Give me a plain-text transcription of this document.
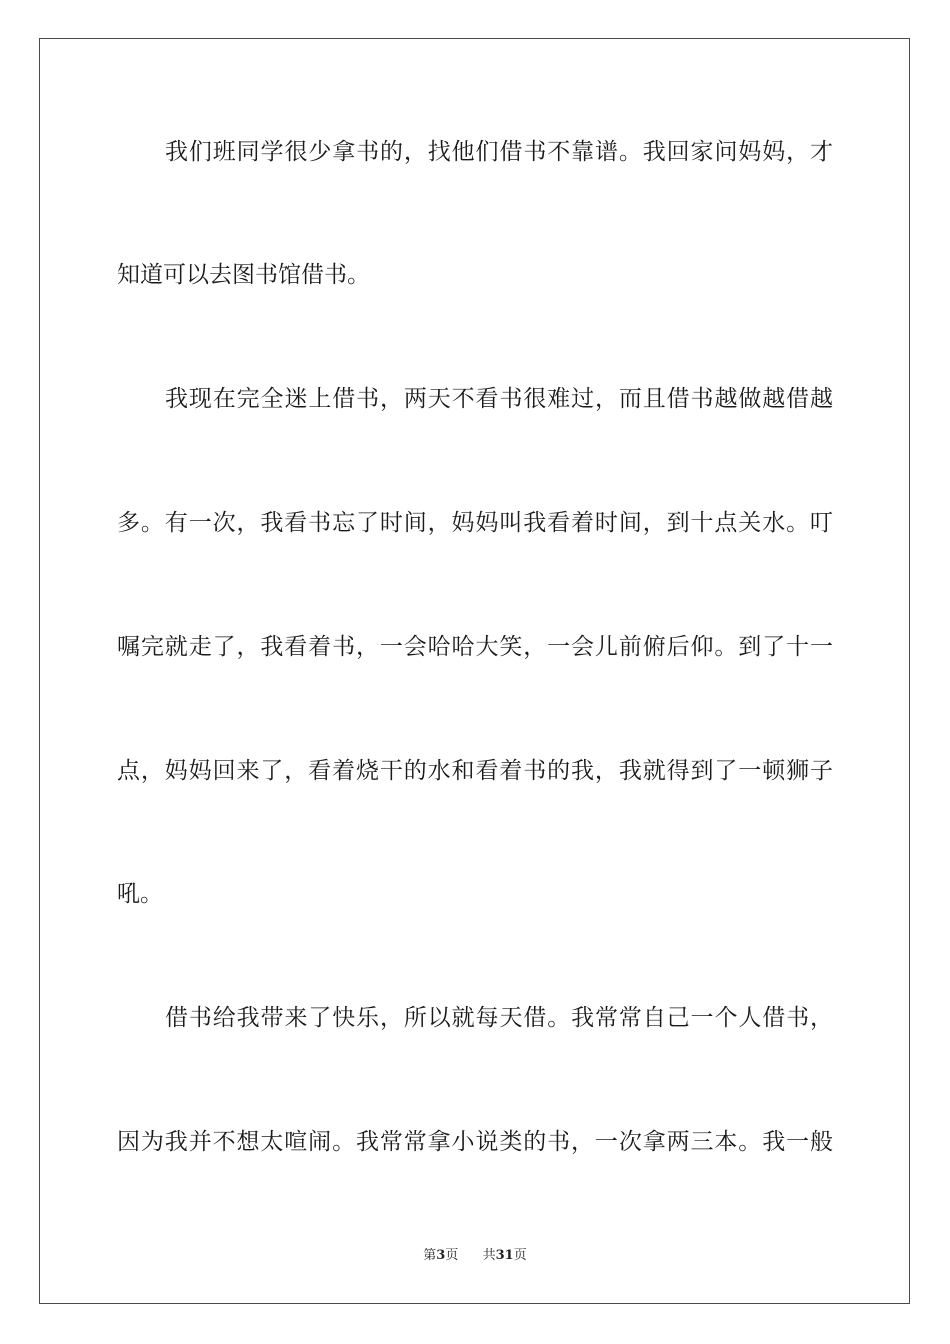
我们班同学很少拿书的，找他们借书不靠谱。我回家问妈妈，才
知道可以去图书馆借书。
我现在完全迷上借书，两天不看书很难过，而且借书越做越借越
多。有一次，我看书忘了时间，妈妈叫我看着时间，到十点关水。叮
嘱完就走了，我看着书，一会哈哈大笑，一会儿前俯后仰。到了十一
点，妈妈回来了，看着烧干的水和看着书的我，我就得到了一顿狮子
吼。
借书给我带来了快乐，所以就每天借。我常常自己一个人借书，
因为我并不想太喧闹。我常常拿小说类的书，一次拿两三本。我一般
第3页 共31页
